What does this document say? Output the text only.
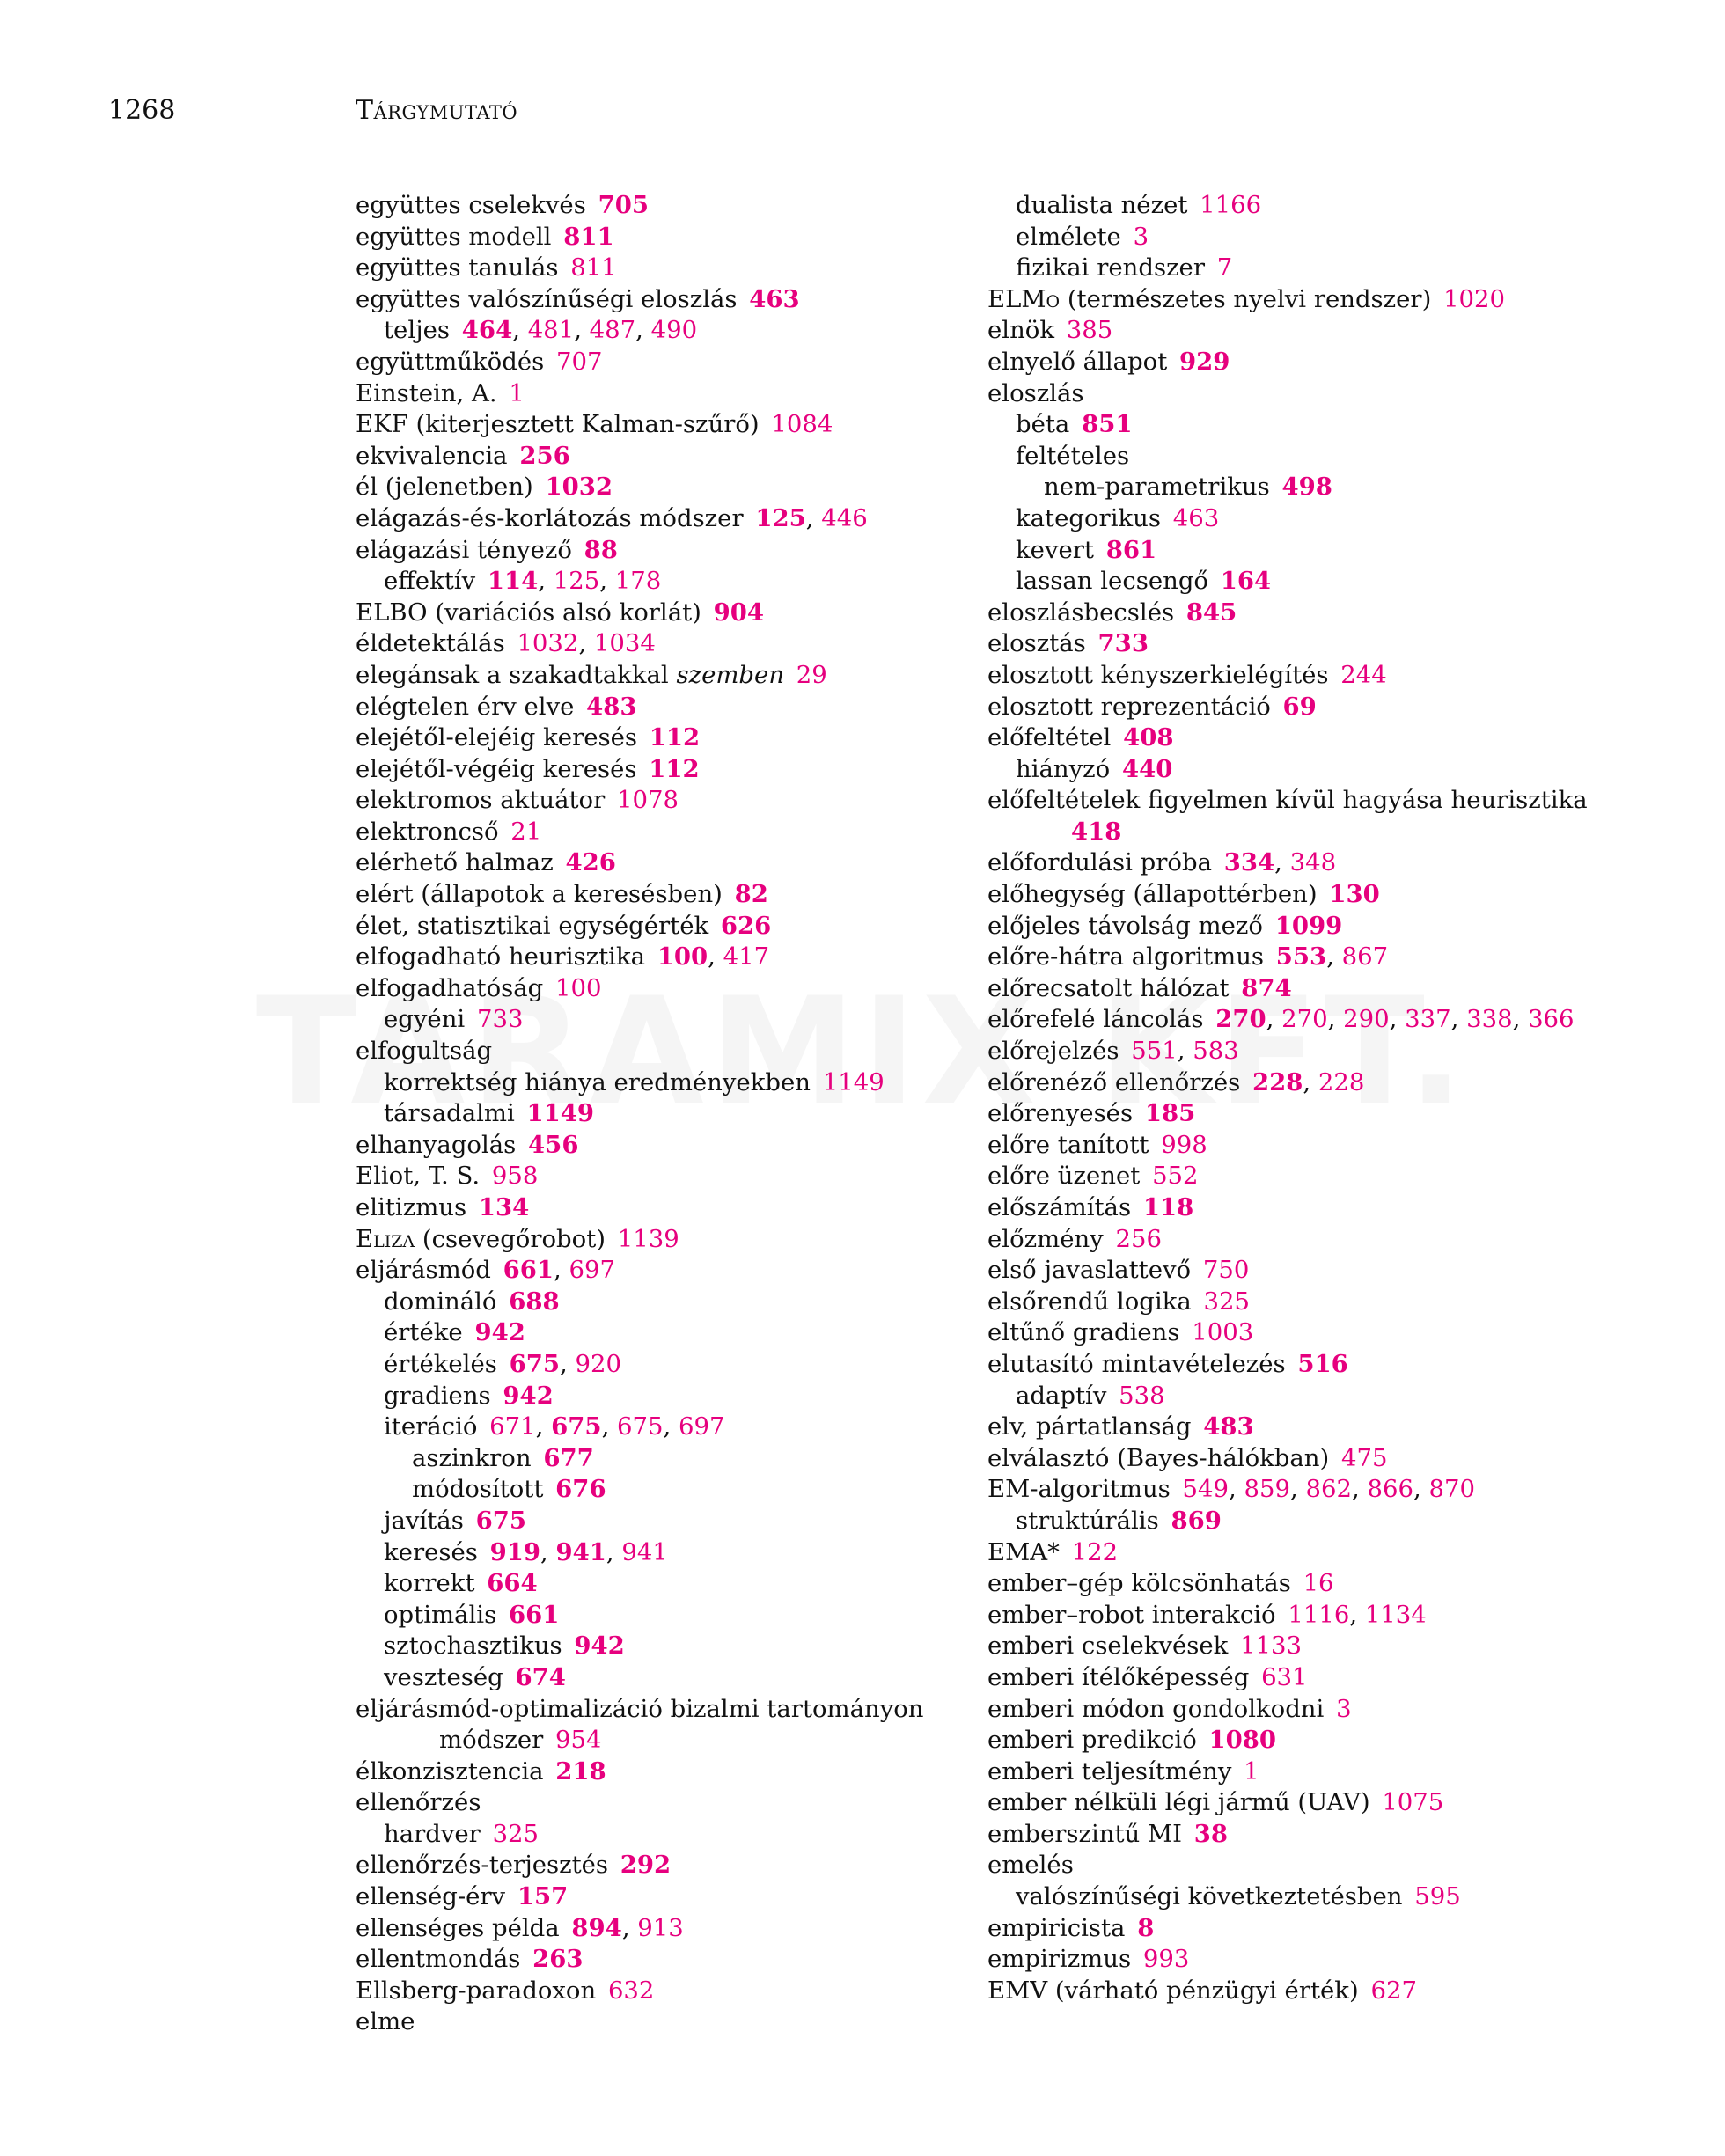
1268	Tárgymutató
együttes cselekvés  705
együttes modell  811
együttes tanulás  811
együttes valószínűségi eloszlás  463
teljes  464, 481, 487, 490
együttműködés  707
Einstein, A.  1
EKF (kiterjesztett Kalman-szűrő)  1084
ekvivalencia  256
él (jelenetben)  1032
elágazás-és-korlátozás módszer  125, 446
elágazási tényező  88
effektív  114, 125, 178
ELBO (variációs alsó korlát)  904
éldetektálás  1032, 1034
elegánsak a szakadtakkal szemben  29
elégtelen érv elve  483
elejétől-elejéig keresés  112
elejétől-végéig keresés  112
elektromos aktuátor  1078
elektroncső  21
elérhető halmaz  426
elért (állapotok a keresésben)  82
élet, statisztikai egységérték  626
elfogadható heurisztika  100, 417
elfogadhatóság  100
egyéni  733
elfogultság
korrektség hiánya eredményekben  1149
társadalmi  1149
elhanyagolás  456
Eliot, T. S.  958
elitizmus  134
Eliza (csevegőrobot)  1139
eljárásmód  661, 697
domináló  688
értéke  942
értékelés  675, 920
gradiens  942
iteráció  671, 675, 675, 697
aszinkron  677
módosított  676
javítás  675
keresés  919, 941, 941
korrekt  664
optimális  661
sztochasztikus  942
veszteség  674
eljárásmód-optimalizáció bizalmi tartományon
módszer  954
élkonzisztencia  218
ellenőrzés
hardver  325
ellenőrzés-terjesztés  292
ellenség-érv  157
ellenséges példa  894, 913
ellentmondás  263
Ellsberg-paradoxon  632
elme
dualista nézet  1166
elmélete  3
fizikai rendszer  7
ELMo (természetes nyelvi rendszer)  1020
elnök  385
elnyelő állapot  929
eloszlás
béta  851
feltételes
nem-parametrikus  498
kategorikus  463
kevert  861
lassan lecsengő  164
eloszlásbecslés  845
elosztás  733
elosztott kényszerkielégítés  244
elosztott reprezentáció  69
előfeltétel  408
hiányzó  440
előfeltételek figyelmen kívül hagyása heurisztika
418
előfordulási próba  334, 348
előhegység (állapottérben)  130
előjeles távolság mező  1099
előre-hátra algoritmus  553, 867
előrecsatolt hálózat  874
előrefelé láncolás  270, 270, 290, 337, 338, 366
előrejelzés  551, 583
előrenéző ellenőrzés  228, 228
előrenyesés  185
előre tanított  998
előre üzenet  552
előszámítás  118
előzmény  256
első javaslattevő  750
elsőrendű logika  325
eltűnő gradiens  1003
elutasító mintavételezés  516
adaptív  538
elv, pártatlanság  483
elválasztó (Bayes-hálókban)  475
EM-algoritmus  549, 859, 862, 866, 870
struktúrális  869
EMA*  122
ember–gép kölcsönhatás  16
ember–robot interakció  1116, 1134
emberi cselekvések  1133
emberi ítélőképesség  631
emberi módon gondolkodni  3
emberi predikció  1080
emberi teljesítmény  1
ember nélküli légi jármű (UAV)  1075
emberszintű MI  38
emelés
valószínűségi következtetésben  595
empiricista  8
empirizmus  993
EMV (várható pénzügyi érték)  627
